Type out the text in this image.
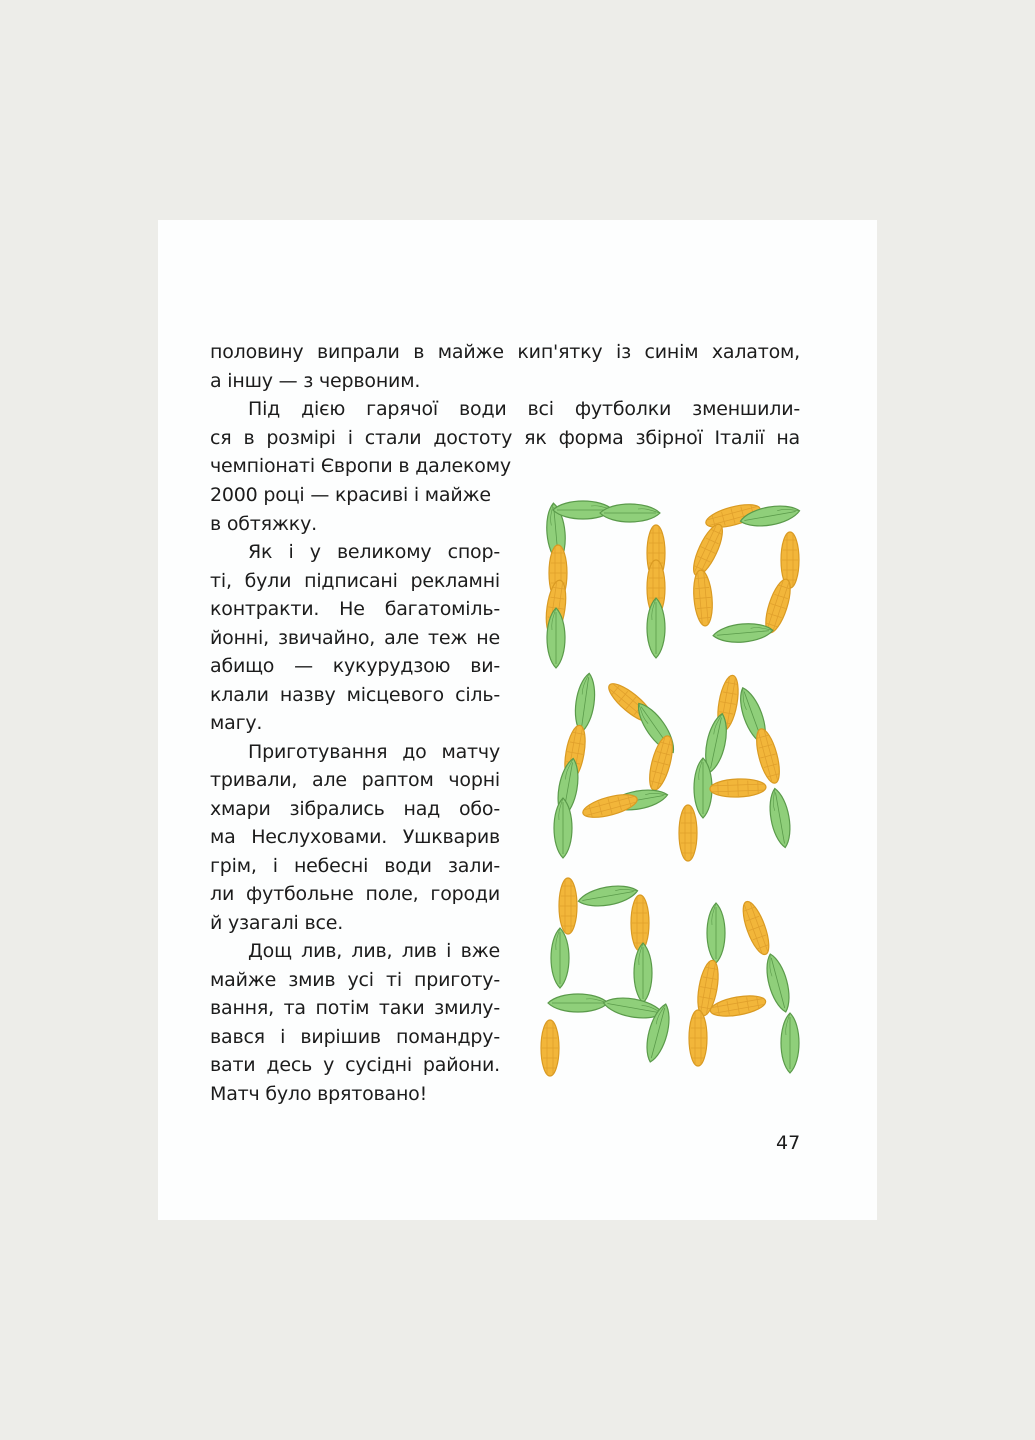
половину випрали в майже кип'ятку із синім халатом,
а іншу — з червоним.
Під дією гарячої води всі футболки зменшили-
ся в розмірі і стали достоту як форма збірної Італії на
чемпіонаті Європи в далекому
2000 році — красиві і майже
в обтяжку.
Як і у великому спор-
ті, були підписані рекламні
контракти. Не багатоміль-
йонні, звичайно, але теж не
абищо — кукурудзою ви-
клали назву місцевого сіль-
магу.
Приготування до матчу
тривали, але раптом чорні
хмари зібрались над обо-
ма Неслуховами. Ушкварив
грім, і небесні води зали-
ли футбольне поле, городи
й узагалі все.
Дощ лив, лив, лив і вже
майже змив усі ті приготу-
вання, та потім таки змилу-
вався і вирішив помандру-
вати десь у сусідні райони.
Матч було врятовано!
47
